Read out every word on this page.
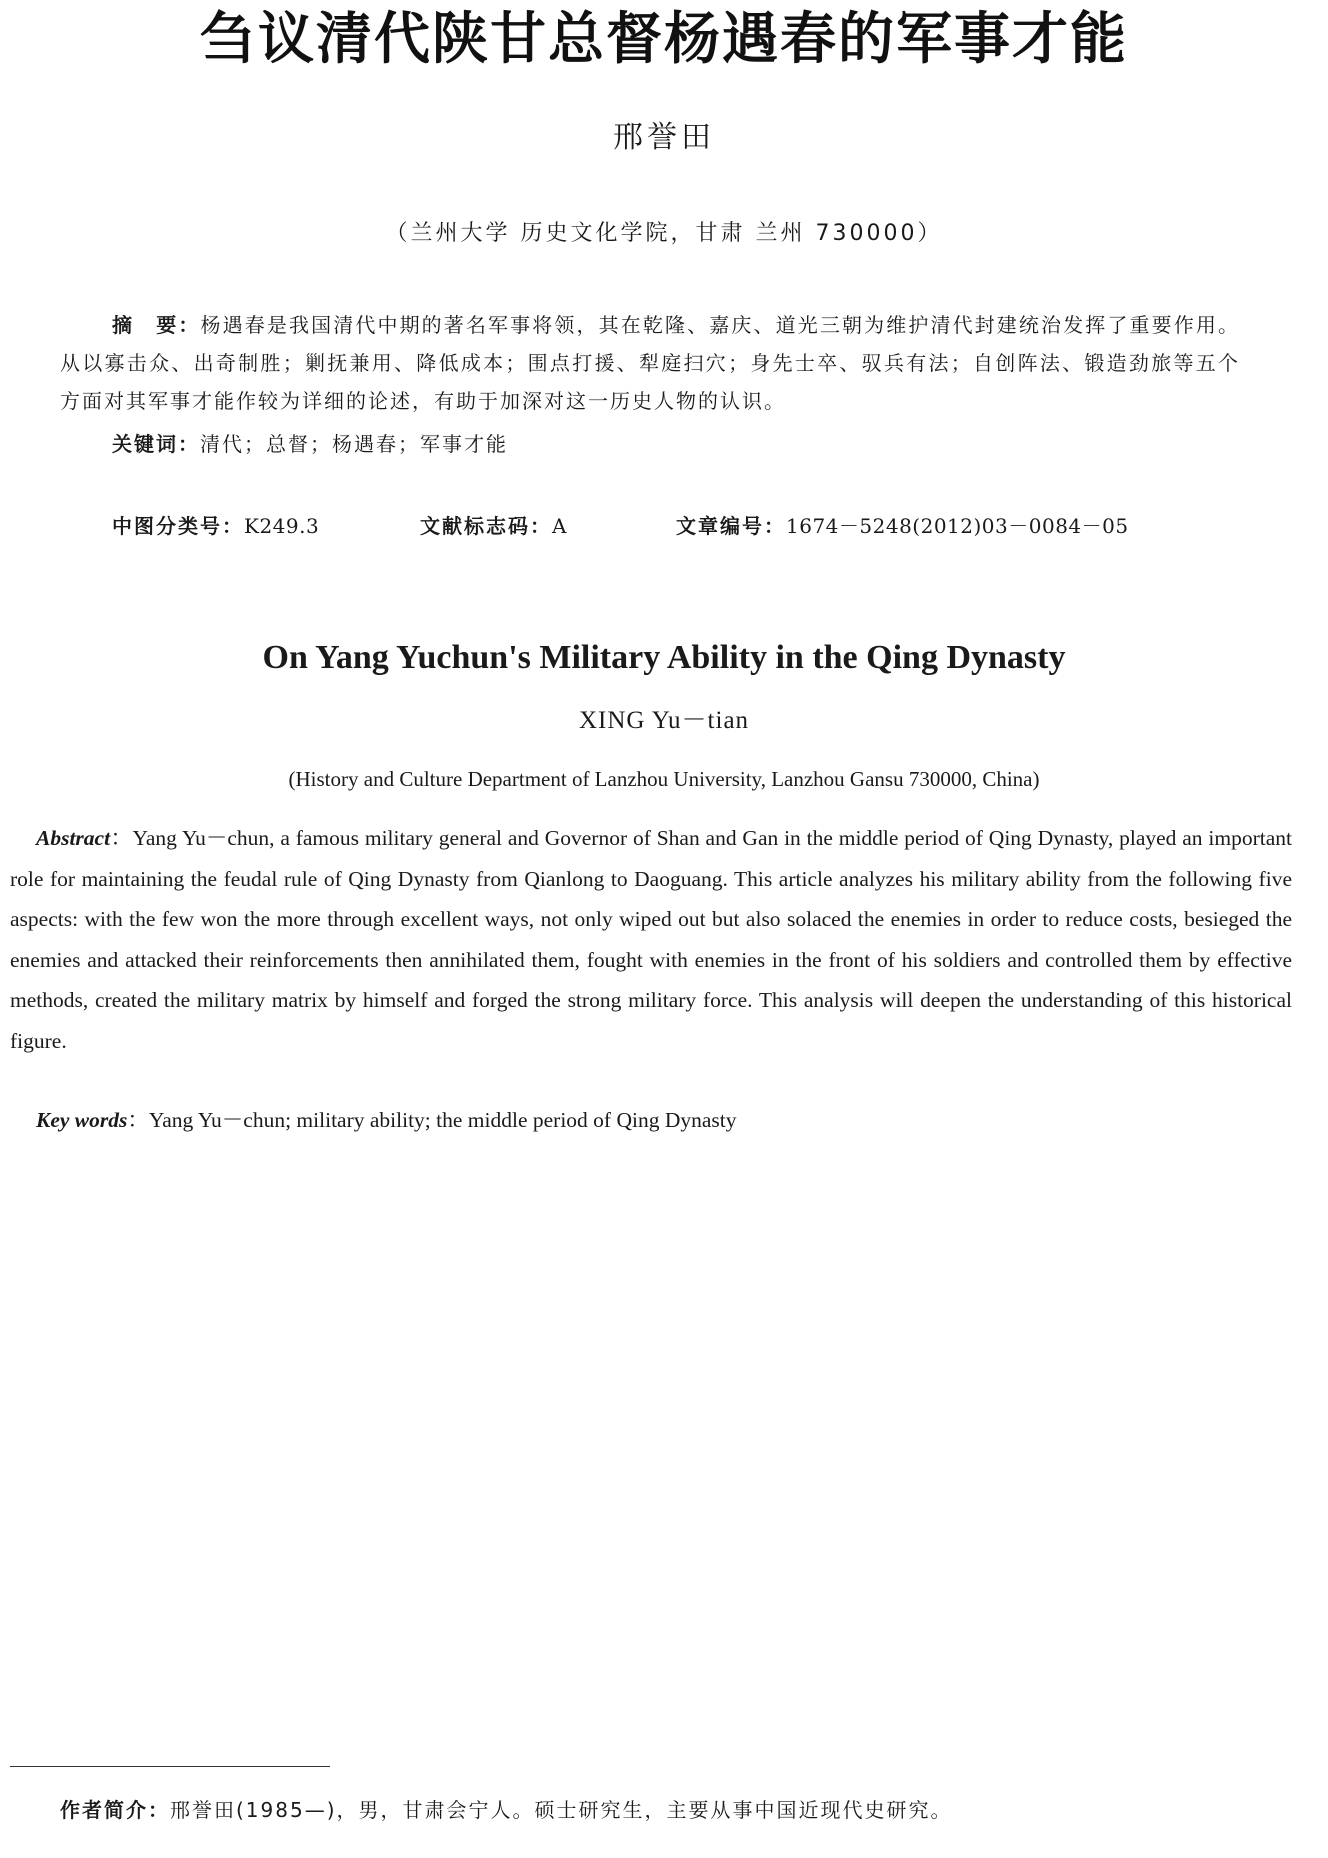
刍议清代陕甘总督杨遇春的军事才能
邢誉田
（兰州大学 历史文化学院，甘肃 兰州 730000）
摘　要：杨遇春是我国清代中期的著名军事将领，其在乾隆、嘉庆、道光三朝为维护清代封建统治发挥了重要作用。从以寡击众、出奇制胜；剿抚兼用、降低成本；围点打援、犁庭扫穴；身先士卒、驭兵有法；自创阵法、锻造劲旅等五个方面对其军事才能作较为详细的论述，有助于加深对这一历史人物的认识。
关键词：清代；总督；杨遇春；军事才能
中图分类号：K249.3	文献标志码：A	文章编号：1674－5248(2012)03－0084－05
On Yang Yuchun's Military Ability in the Qing Dynasty
XING Yu－tian
(History and Culture Department of Lanzhou University, Lanzhou Gansu 730000, China)
Abstract：Yang Yu－chun, a famous military general and Governor of Shan and Gan in the middle period of Qing Dynasty, played an important role for maintaining the feudal rule of Qing Dynasty from Qianlong to Daoguang. This article analyzes his military ability from the following five aspects: with the few won the more through excellent ways, not only wiped out but also solaced the enemies in order to reduce costs, besieged the enemies and attacked their reinforcements then annihilated them, fought with enemies in the front of his soldiers and controlled them by effective methods, created the military matrix by himself and forged the strong military force. This analysis will deepen the understanding of this historical figure.
Key words：Yang Yu－chun; military ability; the middle period of Qing Dynasty
作者简介：邢誉田(1985—)，男，甘肃会宁人。硕士研究生，主要从事中国近现代史研究。
